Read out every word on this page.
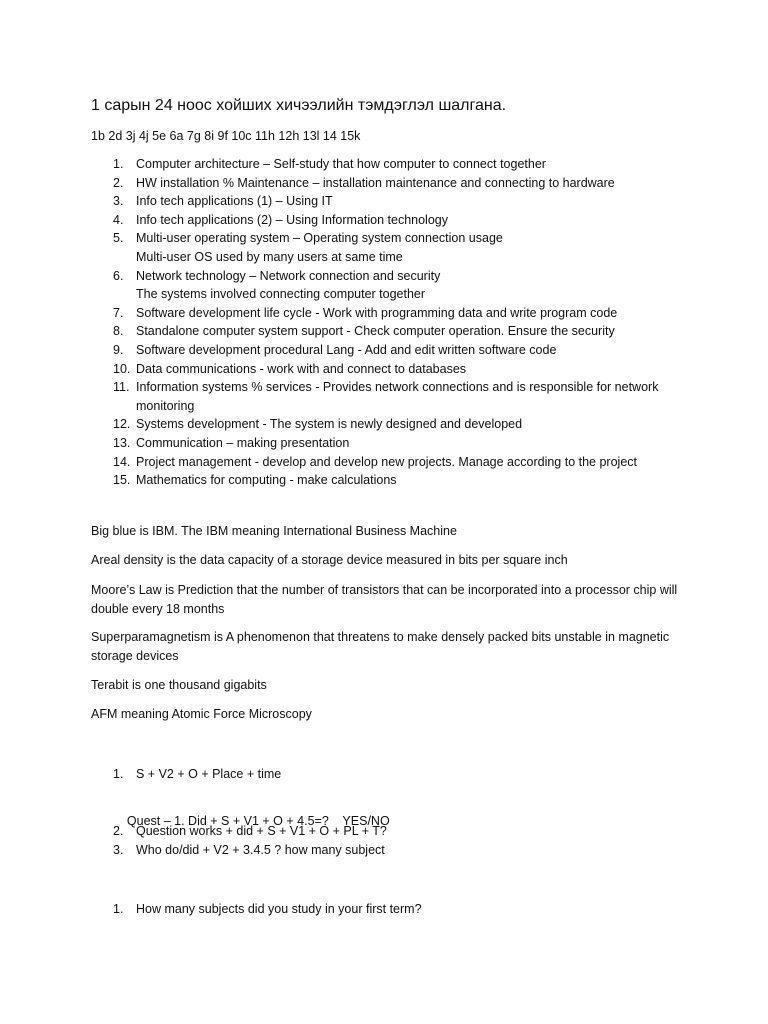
1 сарын 24 ноос хойших хичээлийн тэмдэглэл шалгана.
1b 2d 3j 4j 5e 6a 7g 8i 9f 10c 11h 12h 13l 14 15k
1. Computer architecture – Self-study that how computer to connect together
2. HW installation % Maintenance – installation maintenance and connecting to hardware
3. Info tech applications (1) – Using IT
4. Info tech applications (2) – Using Information technology
5. Multi-user operating system – Operating system connection usage
Multi-user OS used by many users at same time
6. Network technology – Network connection and security
The systems involved connecting computer together
7. Software development life cycle - Work with programming data and write program code
8. Standalone computer system support - Check computer operation. Ensure the security
9. Software development procedural Lang - Add and edit written software code
10. Data communications - work with and connect to databases
11. Information systems % services - Provides network connections and is responsible for network
monitoring
12. Systems development - The system is newly designed and developed
13. Communication – making presentation
14. Project management - develop and develop new projects. Manage according to the project
15. Mathematics for computing - make calculations

Big blue is IBM. The IBM meaning International Business Machine

Areal density is the data capacity of a storage device measured in bits per square inch

Moore’s Law is Prediction that the number of transistors that can be incorporated into a processor chip will double every 18 months

Superparamagnetism is A phenomenon that threatens to make densely packed bits unstable in magnetic storage devices

Terabit is one thousand gigabits

AFM meaning Atomic Force Microscopy

1.

S + V2 + O + Place + time

Quest – 1. Did + S + V1 + O + 4.5=?    YES/NO

2.

Question works + did + S + V1 + O + PL + T?

3.

Who do/did + V2 + 3.4.5 ? how many subject

1.

How many subjects did you study in your first term?
